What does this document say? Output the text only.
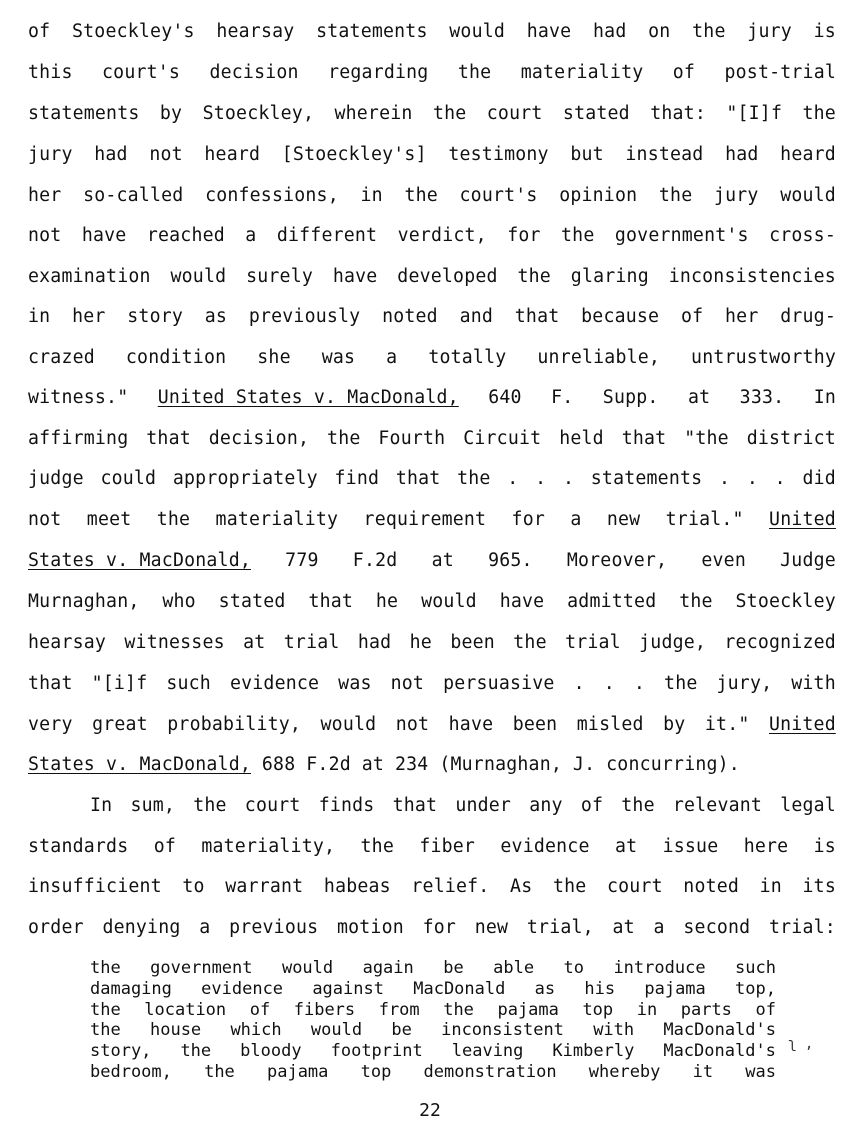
of Stoeckley's hearsay statements would have had on the jury is
this court's decision regarding the materiality of post-trial
statements by Stoeckley, wherein the court stated that: "[I]f the
jury had not heard [Stoeckley's] testimony but instead had heard
her so-called confessions, in the court's opinion the jury would
not have reached a different verdict, for the government's cross-
examination would surely have developed the glaring inconsistencies
in her story as previously noted and that because of her drug-
crazed condition she was a totally unreliable, untrustworthy
witness." United States v. MacDonald, 640 F. Supp. at 333. In
affirming that decision, the Fourth Circuit held that "the district
judge could appropriately find that the . . . statements . . . did
not meet the materiality requirement for a new trial." United
States v. MacDonald, 779 F.2d at 965. Moreover, even Judge
Murnaghan, who stated that he would have admitted the Stoeckley
hearsay witnesses at trial had he been the trial judge, recognized
that "[i]f such evidence was not persuasive . . . the jury, with
very great probability, would not have been misled by it." United
States v. MacDonald, 688 F.2d at 234 (Murnaghan, J. concurring).
In sum, the court finds that under any of the relevant legal
standards of materiality, the fiber evidence at issue here is
insufficient to warrant habeas relief. As the court noted in its
order denying a previous motion for new trial, at a second trial:
the government would again be able to introduce such
damaging evidence against MacDonald as his pajama top,
the location of fibers from the pajama top in parts of
the house which would be inconsistent with MacDonald's
story, the bloody footprint leaving Kimberly MacDonald's
bedroom, the pajama top demonstration whereby it was
ʅ ‚
22
